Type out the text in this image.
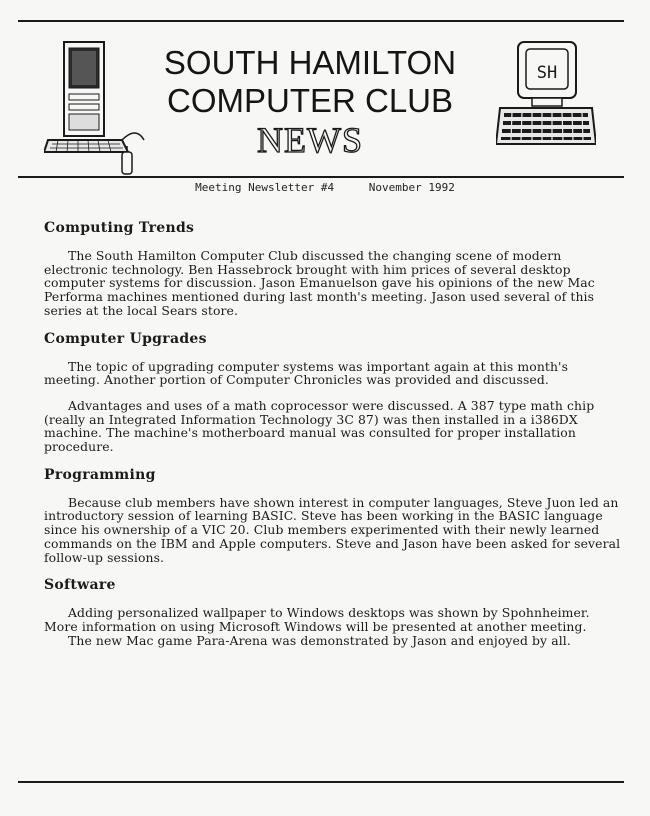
SOUTH HAMILTON
COMPUTER CLUB
NEWS
SH
Meeting Newsletter #4	November 1992
Computing Trends

The South Hamilton Computer Club discussed the changing scene of modern electronic technology. Ben Hassebrock brought with him prices of several desktop computer systems for discussion. Jason Emanuelson gave his opinions of the new Mac Performa machines mentioned during last month's meeting. Jason used several of this series at the local Sears store.

Computer Upgrades

The topic of upgrading computer systems was important again at this month's meeting. Another portion of Computer Chronicles was provided and discussed.

Advantages and uses of a math coprocessor were discussed. A 387 type math chip (really an Integrated Information Technology 3C 87) was then installed in a i386DX machine. The machine's motherboard manual was consulted for proper installation procedure.

Programming

Because club members have shown interest in computer languages, Steve Juon led an introductory session of learning BASIC. Steve has been working in the BASIC language since his ownership of a VIC 20. Club members experimented with their newly learned commands on the IBM and Apple computers. Steve and Jason have been asked for several follow-up sessions.

Software

Adding personalized wallpaper to Windows desktops was shown by Spohnheimer. More information on using Microsoft Windows will be presented at another meeting.

The new Mac game Para-Arena was demonstrated by Jason and enjoyed by all.
